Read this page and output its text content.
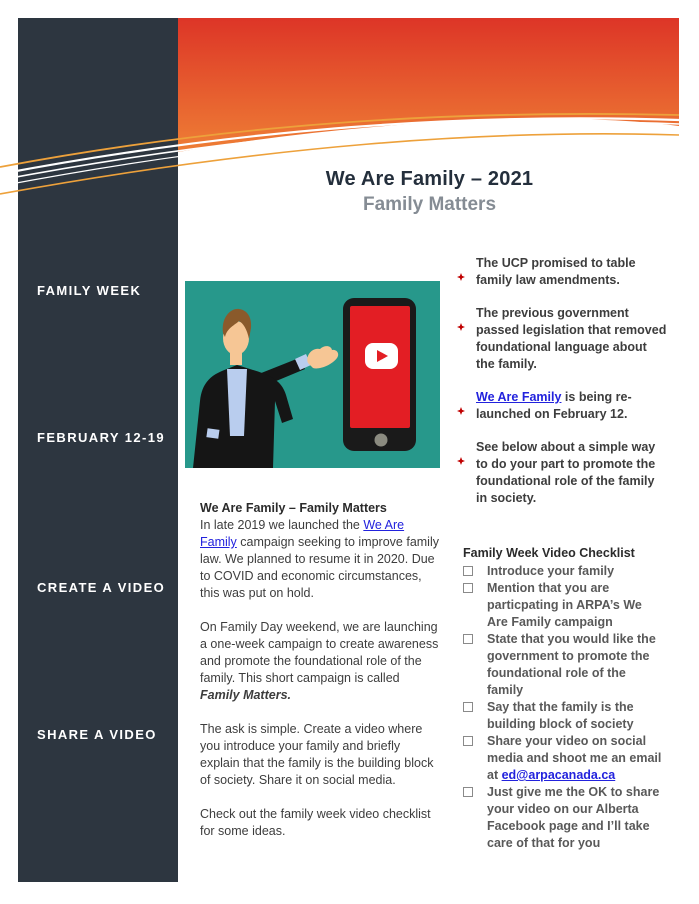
FAMILY WEEK
FEBRUARY 12-19
CREATE A VIDEO
SHARE A VIDEO
We Are Family – 2021
Family Matters
We Are Family – Family Matters

In late 2019 we launched the We Are Family campaign seeking to improve family law. We planned to resume it in 2020. Due to COVID and economic circumstances, this was put on hold.

On Family Day weekend, we are launching a one-week campaign to create awareness and promote the foundational role of the family. This short campaign is called Family Matters.

The ask is simple. Create a video where you introduce your family and briefly explain that the family is the building block of society. Share it on social media.

Check out the family week video checklist for some ideas.

The UCP promised to table family law amendments.
The previous government passed legislation that removed foundational language about the family.
We Are Family is being re-launched on February 12.
See below about a simple way to do your part to promote the foundational role of the family in society.
Family Week Video Checklist
Introduce your family
Mention that you are particpating in ARPA’s We Are Family campaign
State that you would like the government to promote the foundational role of the family
Say that the family is the building block of society
Share your video on social media and shoot me an email at ed@arpacanada.ca
Just give me the OK to share your video on our Alberta Facebook page and I’ll take care of that for you
